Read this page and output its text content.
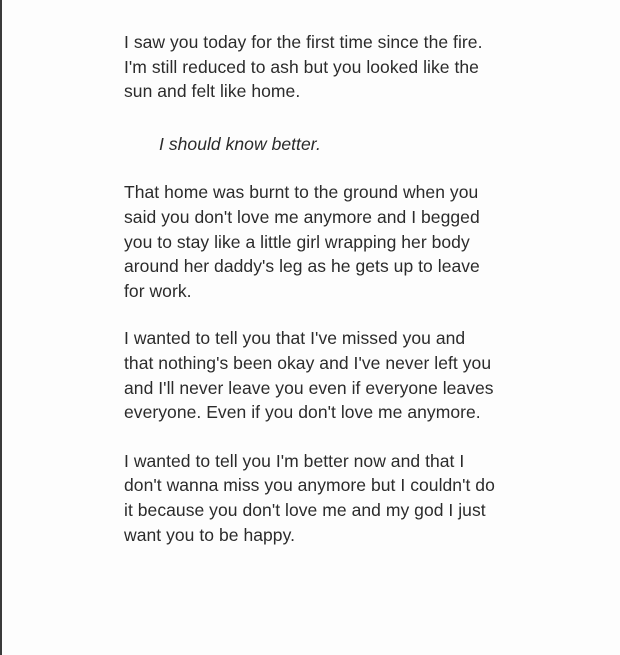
I saw you today for the first time since the fire.
I'm still reduced to ash but you looked like the
sun and felt like home.

I should know better.

That home was burnt to the ground when you
said you don't love me anymore and I begged
you to stay like a little girl wrapping her body
around her daddy's leg as he gets up to leave
for work.

I wanted to tell you that I've missed you and
that nothing's been okay and I've never left you
and I'll never leave you even if everyone leaves
everyone. Even if you don't love me anymore.

I wanted to tell you I'm better now and that I
don't wanna miss you anymore but I couldn't do
it because you don't love me and my god I just
want you to be happy.
